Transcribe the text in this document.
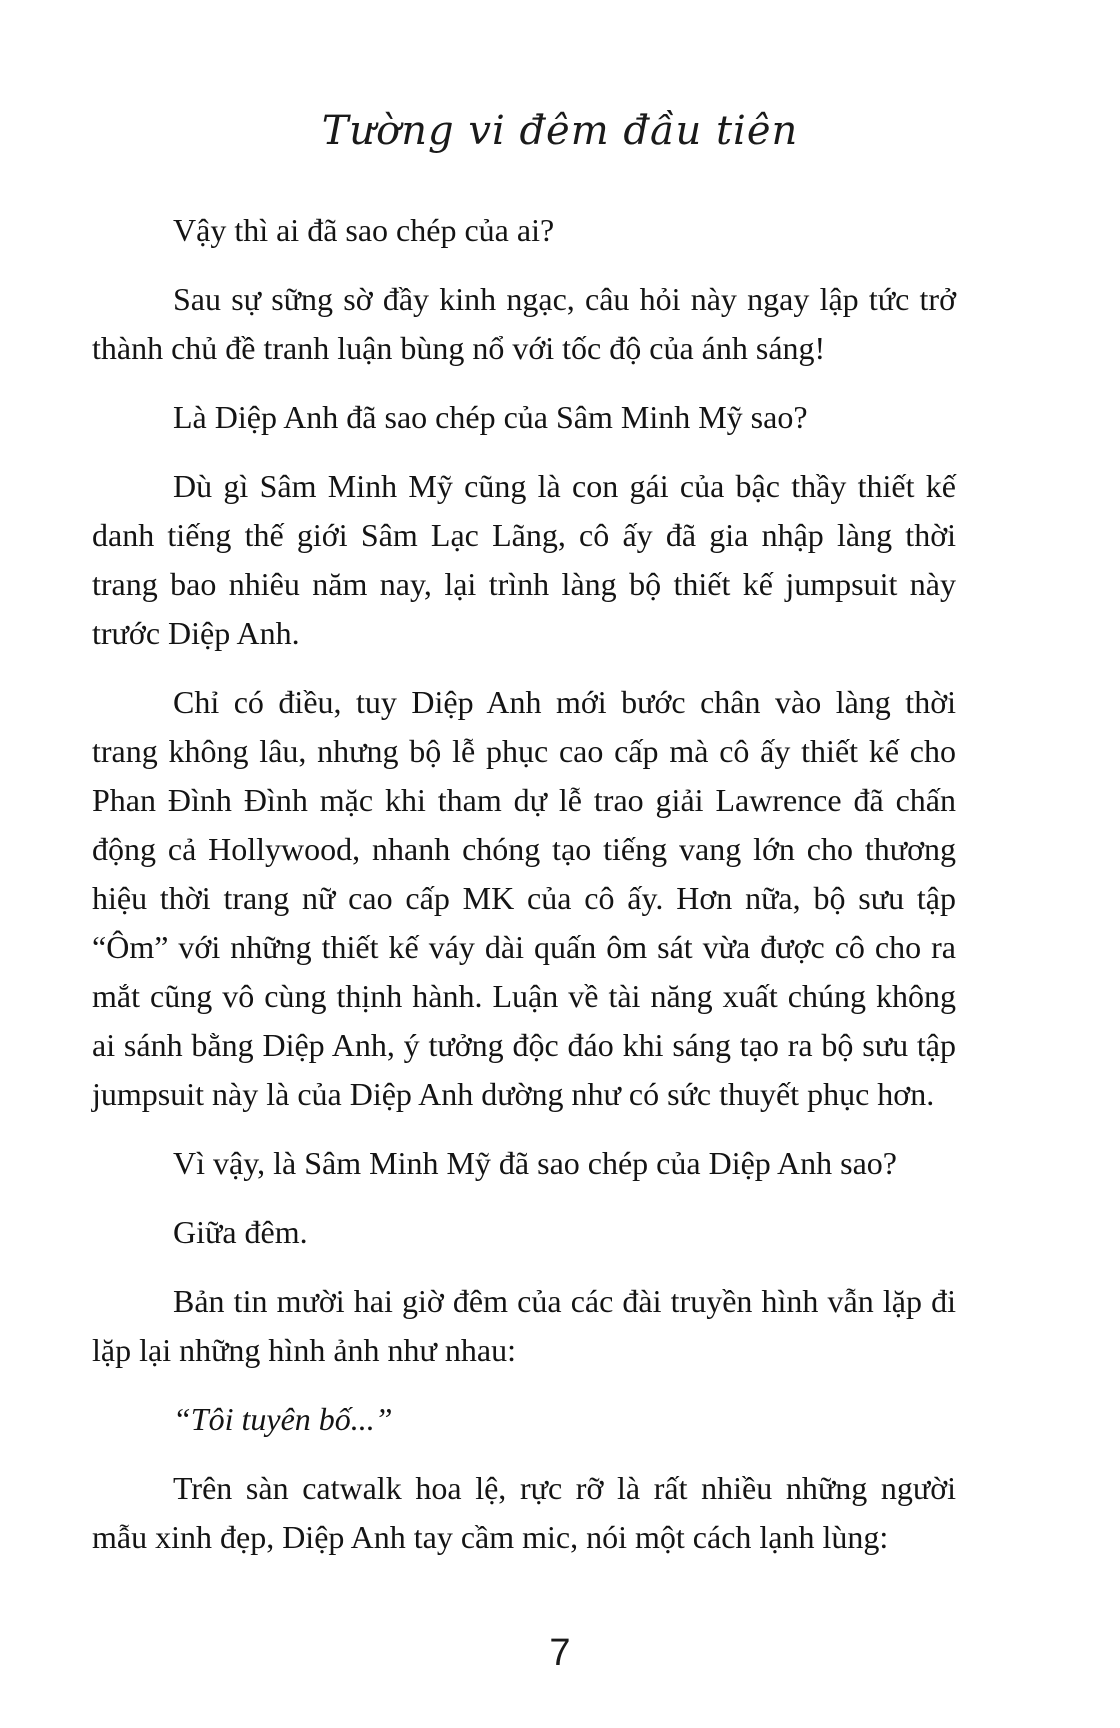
Tường vi đêm đầu tiên

Vậy thì ai đã sao chép của ai?

Sau sự sững sờ đầy kinh ngạc, câu hỏi này ngay lập tức trở thành chủ đề tranh luận bùng nổ với tốc độ của ánh sáng!

Là Diệp Anh đã sao chép của Sâm Minh Mỹ sao?

Dù gì Sâm Minh Mỹ cũng là con gái của bậc thầy thiết kế danh tiếng thế giới Sâm Lạc Lãng, cô ấy đã gia nhập làng thời trang bao nhiêu năm nay, lại trình làng bộ thiết kế jumpsuit này trước Diệp Anh.

Chỉ có điều, tuy Diệp Anh mới bước chân vào làng thời trang không lâu, nhưng bộ lễ phục cao cấp mà cô ấy thiết kế cho Phan Đình Đình mặc khi tham dự lễ trao giải Lawrence đã chấn động cả Hollywood, nhanh chóng tạo tiếng vang lớn cho thương hiệu thời trang nữ cao cấp MK của cô ấy. Hơn nữa, bộ sưu tập “Ôm” với những thiết kế váy dài quấn ôm sát vừa được cô cho ra mắt cũng vô cùng thịnh hành. Luận về tài năng xuất chúng không ai sánh bằng Diệp Anh, ý tưởng độc đáo khi sáng tạo ra bộ sưu tập jumpsuit này là của Diệp Anh dường như có sức thuyết phục hơn.

Vì vậy, là Sâm Minh Mỹ đã sao chép của Diệp Anh sao?

Giữa đêm.

Bản tin mười hai giờ đêm của các đài truyền hình vẫn lặp đi lặp lại những hình ảnh như nhau:

“Tôi tuyên bố...”

Trên sàn catwalk hoa lệ, rực rỡ là rất nhiều những người mẫu xinh đẹp, Diệp Anh tay cầm mic, nói một cách lạnh lùng:

7
